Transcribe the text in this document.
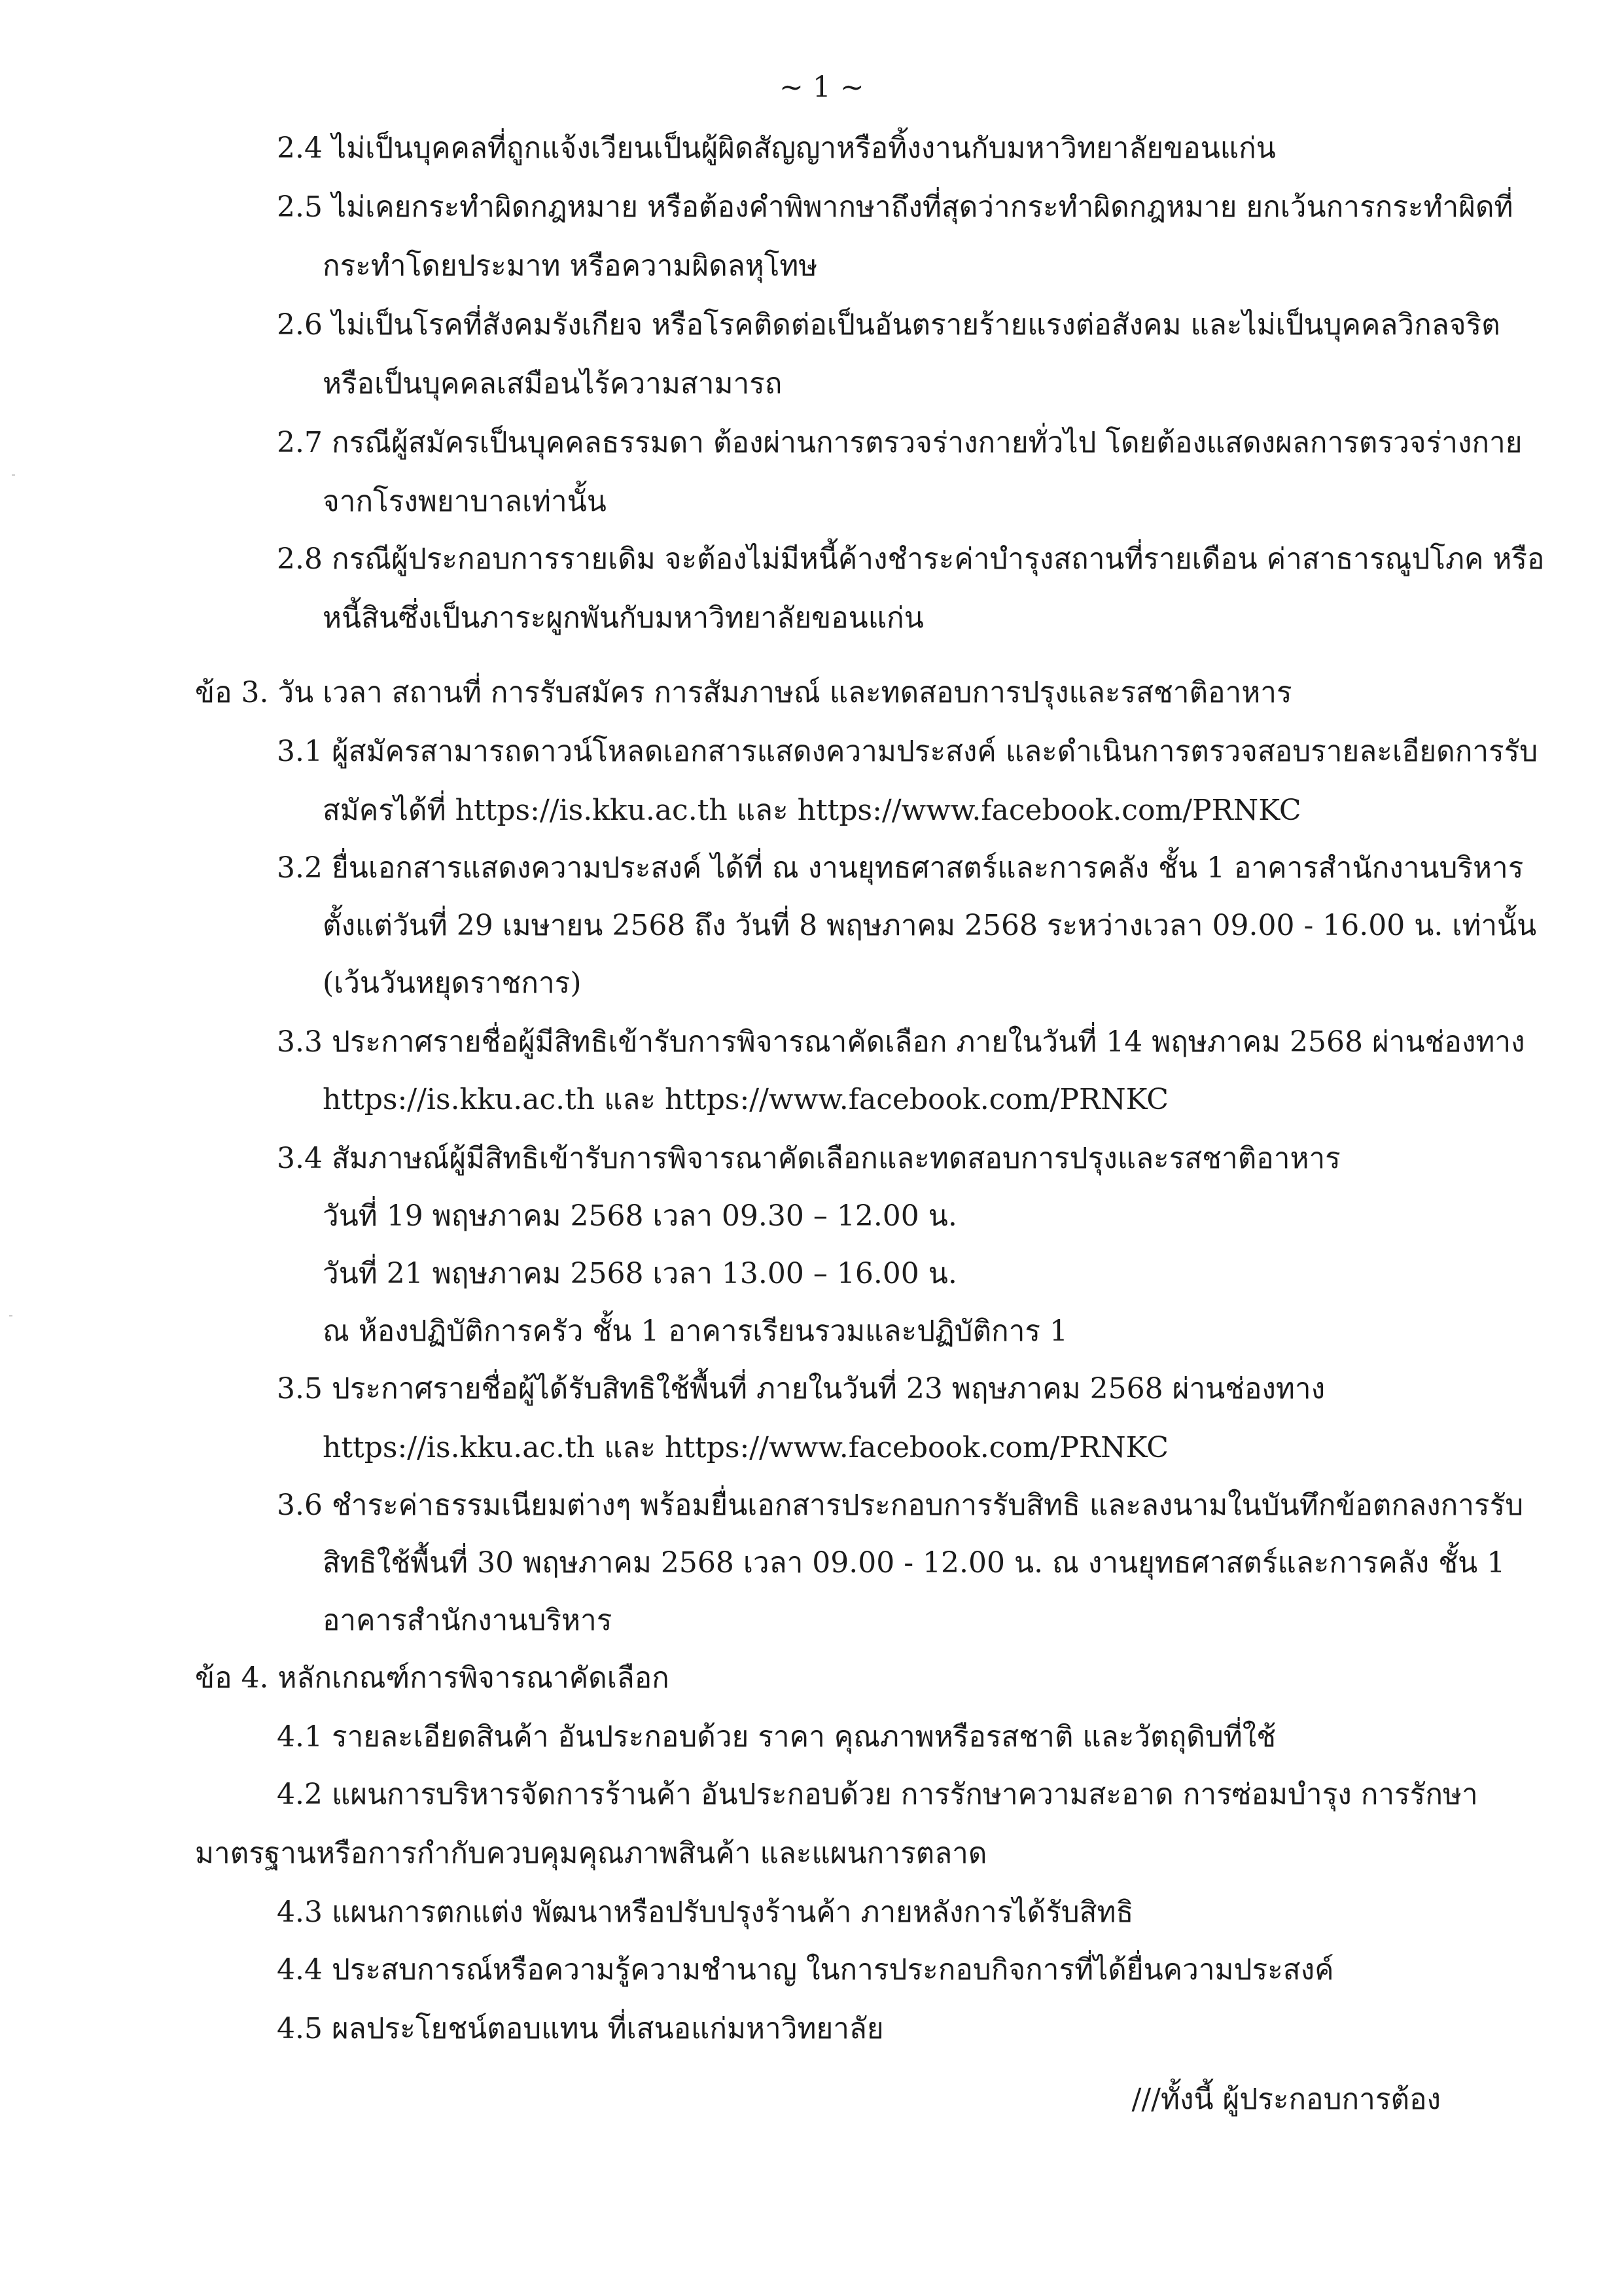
~ 1 ~
2.4 ไม่เป็นบุคคลที่ถูกแจ้งเวียนเป็นผู้ผิดสัญญาหรือทิ้งงานกับมหาวิทยาลัยขอนแก่น
2.5 ไม่เคยกระทำผิดกฎหมาย หรือต้องคำพิพากษาถึงที่สุดว่ากระทำผิดกฎหมาย ยกเว้นการกระทำผิดที่
กระทำโดยประมาท หรือความผิดลหุโทษ
2.6 ไม่เป็นโรคที่สังคมรังเกียจ หรือโรคติดต่อเป็นอันตรายร้ายแรงต่อสังคม และไม่เป็นบุคคลวิกลจริต
หรือเป็นบุคคลเสมือนไร้ความสามารถ
2.7 กรณีผู้สมัครเป็นบุคคลธรรมดา ต้องผ่านการตรวจร่างกายทั่วไป โดยต้องแสดงผลการตรวจร่างกาย
จากโรงพยาบาลเท่านั้น
2.8 กรณีผู้ประกอบการรายเดิม จะต้องไม่มีหนี้ค้างชำระค่าบำรุงสถานที่รายเดือน ค่าสาธารณูปโภค หรือ
หนี้สินซึ่งเป็นภาระผูกพันกับมหาวิทยาลัยขอนแก่น
ข้อ 3. วัน เวลา สถานที่ การรับสมัคร การสัมภาษณ์ และทดสอบการปรุงและรสชาติอาหาร
3.1 ผู้สมัครสามารถดาวน์โหลดเอกสารแสดงความประสงค์ และดำเนินการตรวจสอบรายละเอียดการรับ
สมัครได้ที่ https://is.kku.ac.th และ https://www.facebook.com/PRNKC
3.2 ยื่นเอกสารแสดงความประสงค์ ได้ที่ ณ งานยุทธศาสตร์และการคลัง ชั้น 1 อาคารสำนักงานบริหาร
ตั้งแต่วันที่ 29 เมษายน 2568 ถึง วันที่ 8 พฤษภาคม 2568 ระหว่างเวลา 09.00 - 16.00 น. เท่านั้น
(เว้นวันหยุดราชการ)
3.3 ประกาศรายชื่อผู้มีสิทธิเข้ารับการพิจารณาคัดเลือก ภายในวันที่ 14 พฤษภาคม 2568 ผ่านช่องทาง
https://is.kku.ac.th และ https://www.facebook.com/PRNKC
3.4 สัมภาษณ์ผู้มีสิทธิเข้ารับการพิจารณาคัดเลือกและทดสอบการปรุงและรสชาติอาหาร
วันที่ 19 พฤษภาคม 2568 เวลา 09.30 – 12.00 น.
วันที่ 21 พฤษภาคม 2568 เวลา 13.00 – 16.00 น.
ณ ห้องปฏิบัติการครัว ชั้น 1 อาคารเรียนรวมและปฏิบัติการ 1
3.5 ประกาศรายชื่อผู้ได้รับสิทธิใช้พื้นที่ ภายในวันที่ 23 พฤษภาคม 2568 ผ่านช่องทาง
https://is.kku.ac.th และ https://www.facebook.com/PRNKC
3.6 ชำระค่าธรรมเนียมต่างๆ พร้อมยื่นเอกสารประกอบการรับสิทธิ และลงนามในบันทึกข้อตกลงการรับ
สิทธิใช้พื้นที่ 30 พฤษภาคม 2568 เวลา 09.00 - 12.00 น. ณ งานยุทธศาสตร์และการคลัง ชั้น 1
อาคารสำนักงานบริหาร
ข้อ 4. หลักเกณฑ์การพิจารณาคัดเลือก
4.1 รายละเอียดสินค้า อันประกอบด้วย ราคา คุณภาพหรือรสชาติ และวัตถุดิบที่ใช้
4.2 แผนการบริหารจัดการร้านค้า อันประกอบด้วย การรักษาความสะอาด การซ่อมบำรุง การรักษา
มาตรฐานหรือการกำกับควบคุมคุณภาพสินค้า และแผนการตลาด
4.3 แผนการตกแต่ง พัฒนาหรือปรับปรุงร้านค้า ภายหลังการได้รับสิทธิ
4.4 ประสบการณ์หรือความรู้ความชำนาญ ในการประกอบกิจการที่ได้ยื่นความประสงค์
4.5 ผลประโยชน์ตอบแทน ที่เสนอแก่มหาวิทยาลัย
///ทั้งนี้ ผู้ประกอบการต้อง
